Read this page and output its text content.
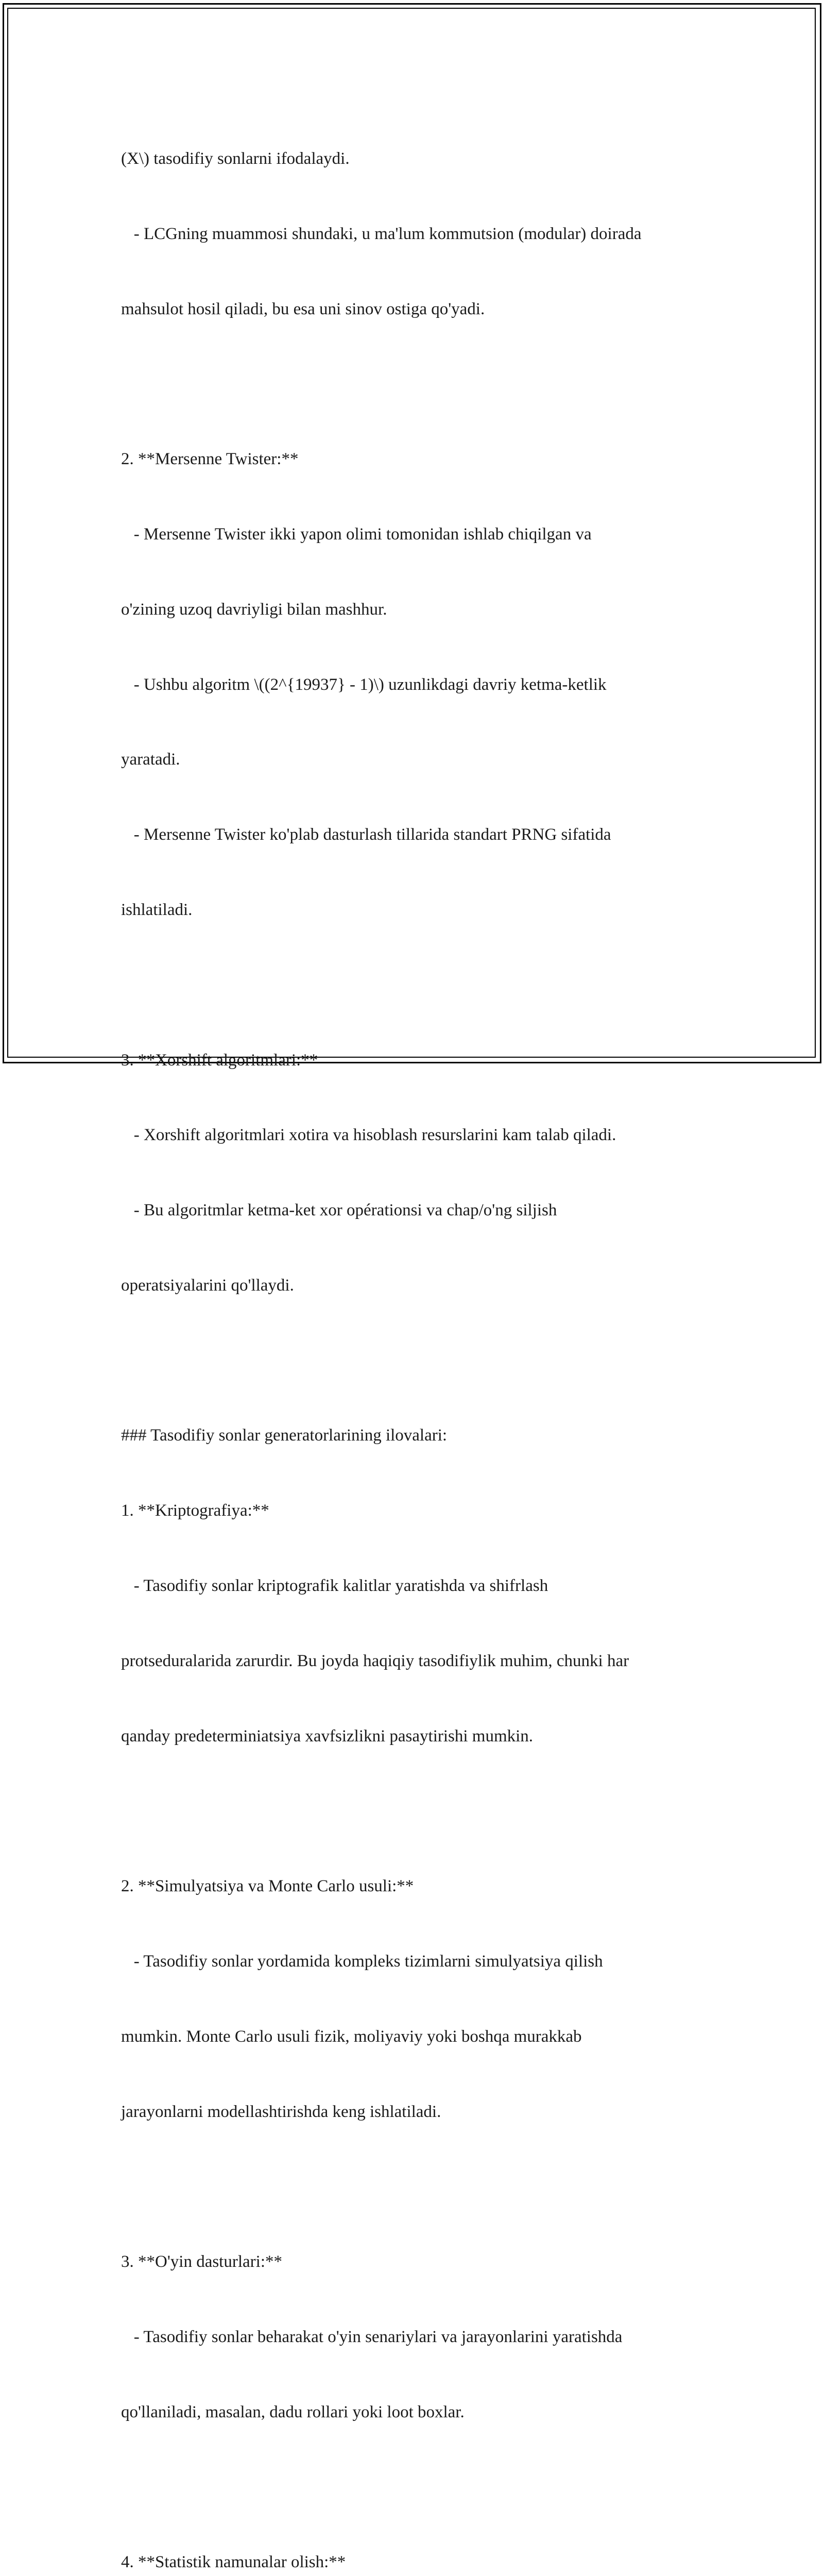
(X\) tasodifiy sonlarni ifodalaydi.

- LCGning muammosi shundaki, u ma'lum kommutsion (modular) doirada

mahsulot hosil qiladi, bu esa uni sinov ostiga qo'yadi.

2. **Mersenne Twister:**

- Mersenne Twister ikki yapon olimi tomonidan ishlab chiqilgan va

o'zining uzoq davriyligi bilan mashhur.

- Ushbu algoritm \((2^{19937} - 1)\) uzunlikdagi davriy ketma-ketlik

yaratadi.

- Mersenne Twister ko'plab dasturlash tillarida standart PRNG sifatida

ishlatiladi.

3. **Xorshift algoritmlari:**

- Xorshift algoritmlari xotira va hisoblash resurslarini kam talab qiladi.

- Bu algoritmlar ketma-ket xor opérationsi va chap/o'ng siljish

operatsiyalarini qo'llaydi.

### Tasodifiy sonlar generatorlarining ilovalari:

1. **Kriptografiya:**

- Tasodifiy sonlar kriptografik kalitlar yaratishda va shifrlash

protseduralarida zarurdir. Bu joyda haqiqiy tasodifiylik muhim, chunki har

qanday predeterminiatsiya xavfsizlikni pasaytirishi mumkin.

2. **Simulyatsiya va Monte Carlo usuli:**

- Tasodifiy sonlar yordamida kompleks tizimlarni simulyatsiya qilish

mumkin. Monte Carlo usuli fizik, moliyaviy yoki boshqa murakkab

jarayonlarni modellashtirishda keng ishlatiladi.

3. **O'yin dasturlari:**

- Tasodifiy sonlar beharakat o'yin senariylari va jarayonlarini yaratishda

qo'llaniladi, masalan, dadu rollari yoki loot boxlar.

4. **Statistik namunalar olish:**
